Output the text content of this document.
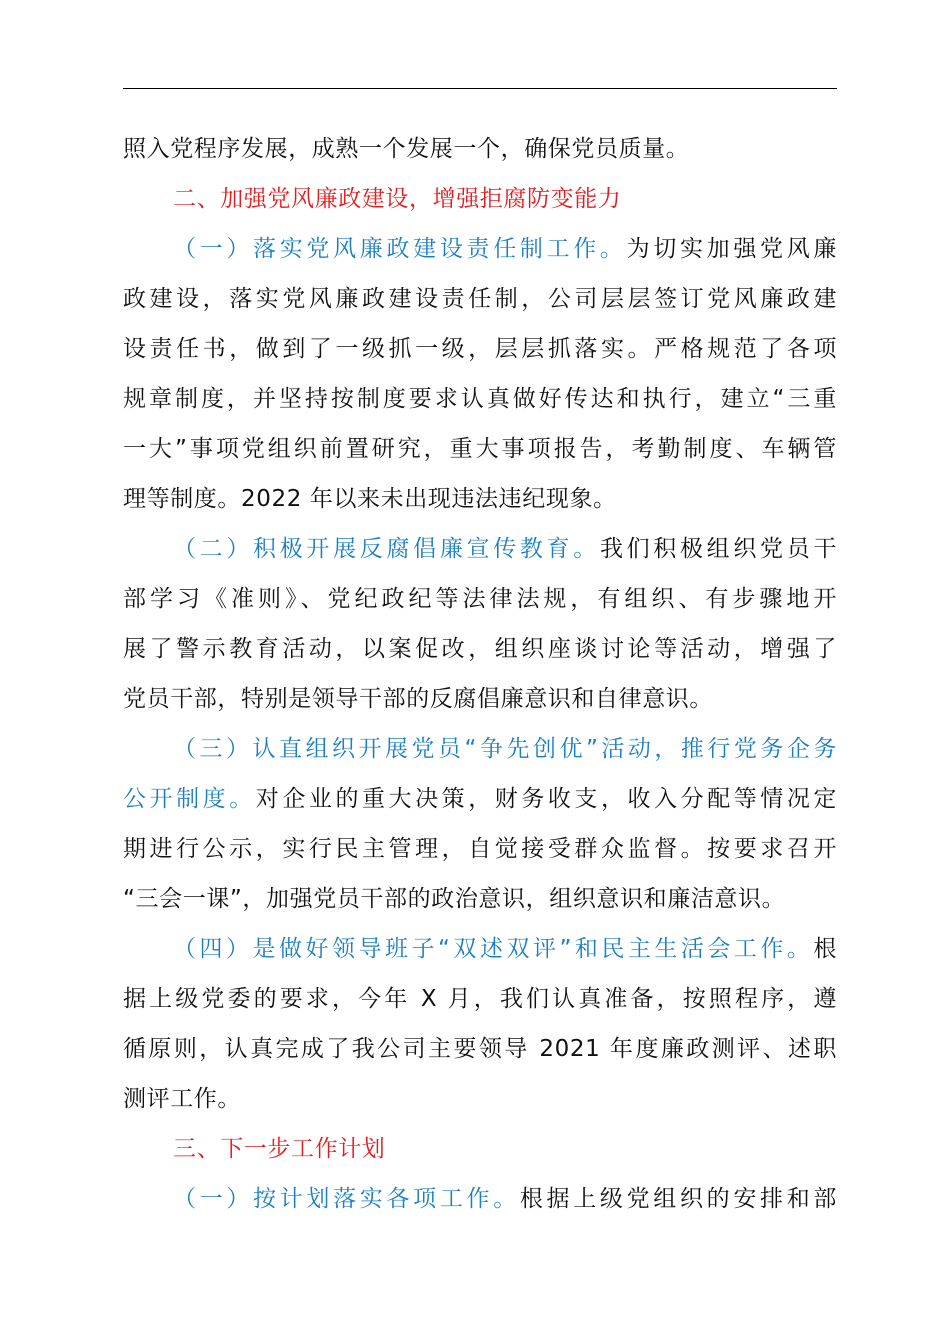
照入党程序发展，成熟一个发展一个，确保党员质量。
二、加强党风廉政建设，增强拒腐防变能力
（一）落实党风廉政建设责任制工作。为切实加强党风廉
政建设，落实党风廉政建设责任制，公司层层签订党风廉政建
设责任书，做到了一级抓一级，层层抓落实。严格规范了各项
规章制度，并坚持按制度要求认真做好传达和执行，建立“三重
一大”事项党组织前置研究，重大事项报告，考勤制度、车辆管
理等制度。2022 年以来未出现违法违纪现象。
（二）积极开展反腐倡廉宣传教育。我们积极组织党员干
部学习《准则》、党纪政纪等法律法规，有组织、有步骤地开
展了警示教育活动，以案促改，组织座谈讨论等活动，增强了
党员干部，特别是领导干部的反腐倡廉意识和自律意识。
（三）认直组织开展党员“争先创优”活动，推行党务企务
公开制度。对企业的重大决策，财务收支，收入分配等情况定
期进行公示，实行民主管理，自觉接受群众监督。按要求召开
“三会一课”，加强党员干部的政治意识，组织意识和廉洁意识。
（四）是做好领导班子“双述双评”和民主生活会工作。根
据上级党委的要求，今年 X 月，我们认真准备，按照程序，遵
循原则，认真完成了我公司主要领导 2021 年度廉政测评、述职
测评工作。
三、下一步工作计划
（一）按计划落实各项工作。根据上级党组织的安排和部
